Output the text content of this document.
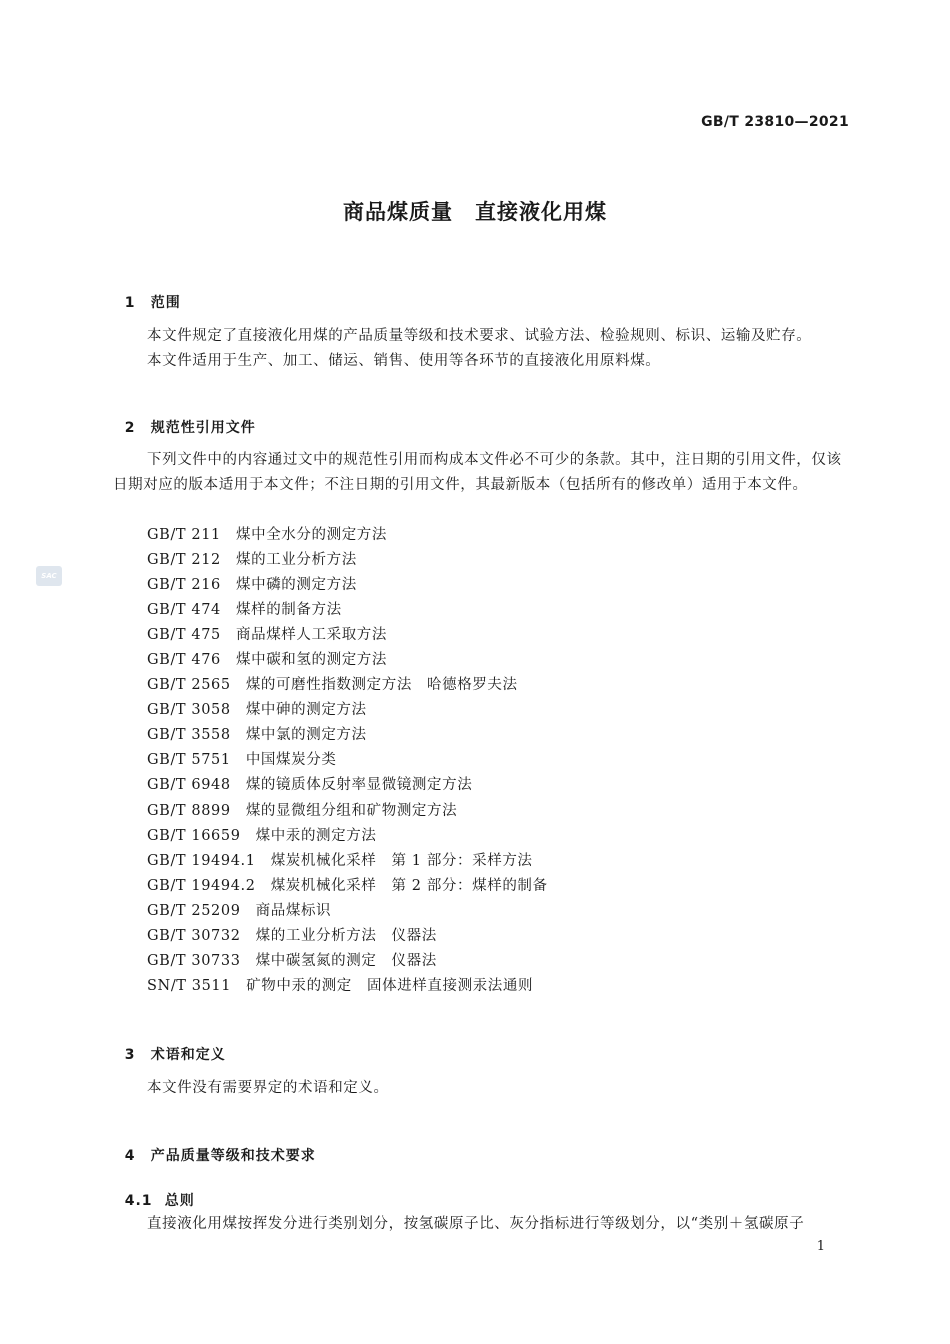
GB/T 23810—2021
SAC
商品煤质量　直接液化用煤

1 范围

本文件规定了直接液化用煤的产品质量等级和技术要求、试验方法、检验规则、标识、运输及贮存。
本文件适用于生产、加工、储运、销售、使用等各环节的直接液化用原料煤。

2 规范性引用文件

下列文件中的内容通过文中的规范性引用而构成本文件必不可少的条款。其中，注日期的引用文件，仅该日期对应的版本适用于本文件；不注日期的引用文件，其最新版本（包括所有的修改单）适用于本文件。
GB/T 211　 煤中全水分的测定方法
GB/T 212　 煤的工业分析方法
GB/T 216　 煤中磷的测定方法
GB/T 474　 煤样的制备方法
GB/T 475　 商品煤样人工采取方法
GB/T 476　 煤中碳和氢的测定方法
GB/T 2565　 煤的可磨性指数测定方法　哈德格罗夫法
GB/T 3058　 煤中砷的测定方法
GB/T 3558　 煤中氯的测定方法
GB/T 5751　 中国煤炭分类
GB/T 6948　 煤的镜质体反射率显微镜测定方法
GB/T 8899　 煤的显微组分组和矿物测定方法
GB/T 16659　 煤中汞的测定方法
GB/T 19494.1　 煤炭机械化采样　第 1 部分：采样方法
GB/T 19494.2　 煤炭机械化采样　第 2 部分：煤样的制备
GB/T 25209　 商品煤标识
GB/T 30732　 煤的工业分析方法　仪器法
GB/T 30733　 煤中碳氢氮的测定　仪器法
SN/T 3511　 矿物中汞的测定　固体进样直接测汞法通则

3 术语和定义

本文件没有需要界定的术语和定义。

4 产品质量等级和技术要求

4.1 总则

直接液化用煤按挥发分进行类别划分，按氢碳原子比、灰分指标进行等级划分，以“类别＋氢碳原子
1
